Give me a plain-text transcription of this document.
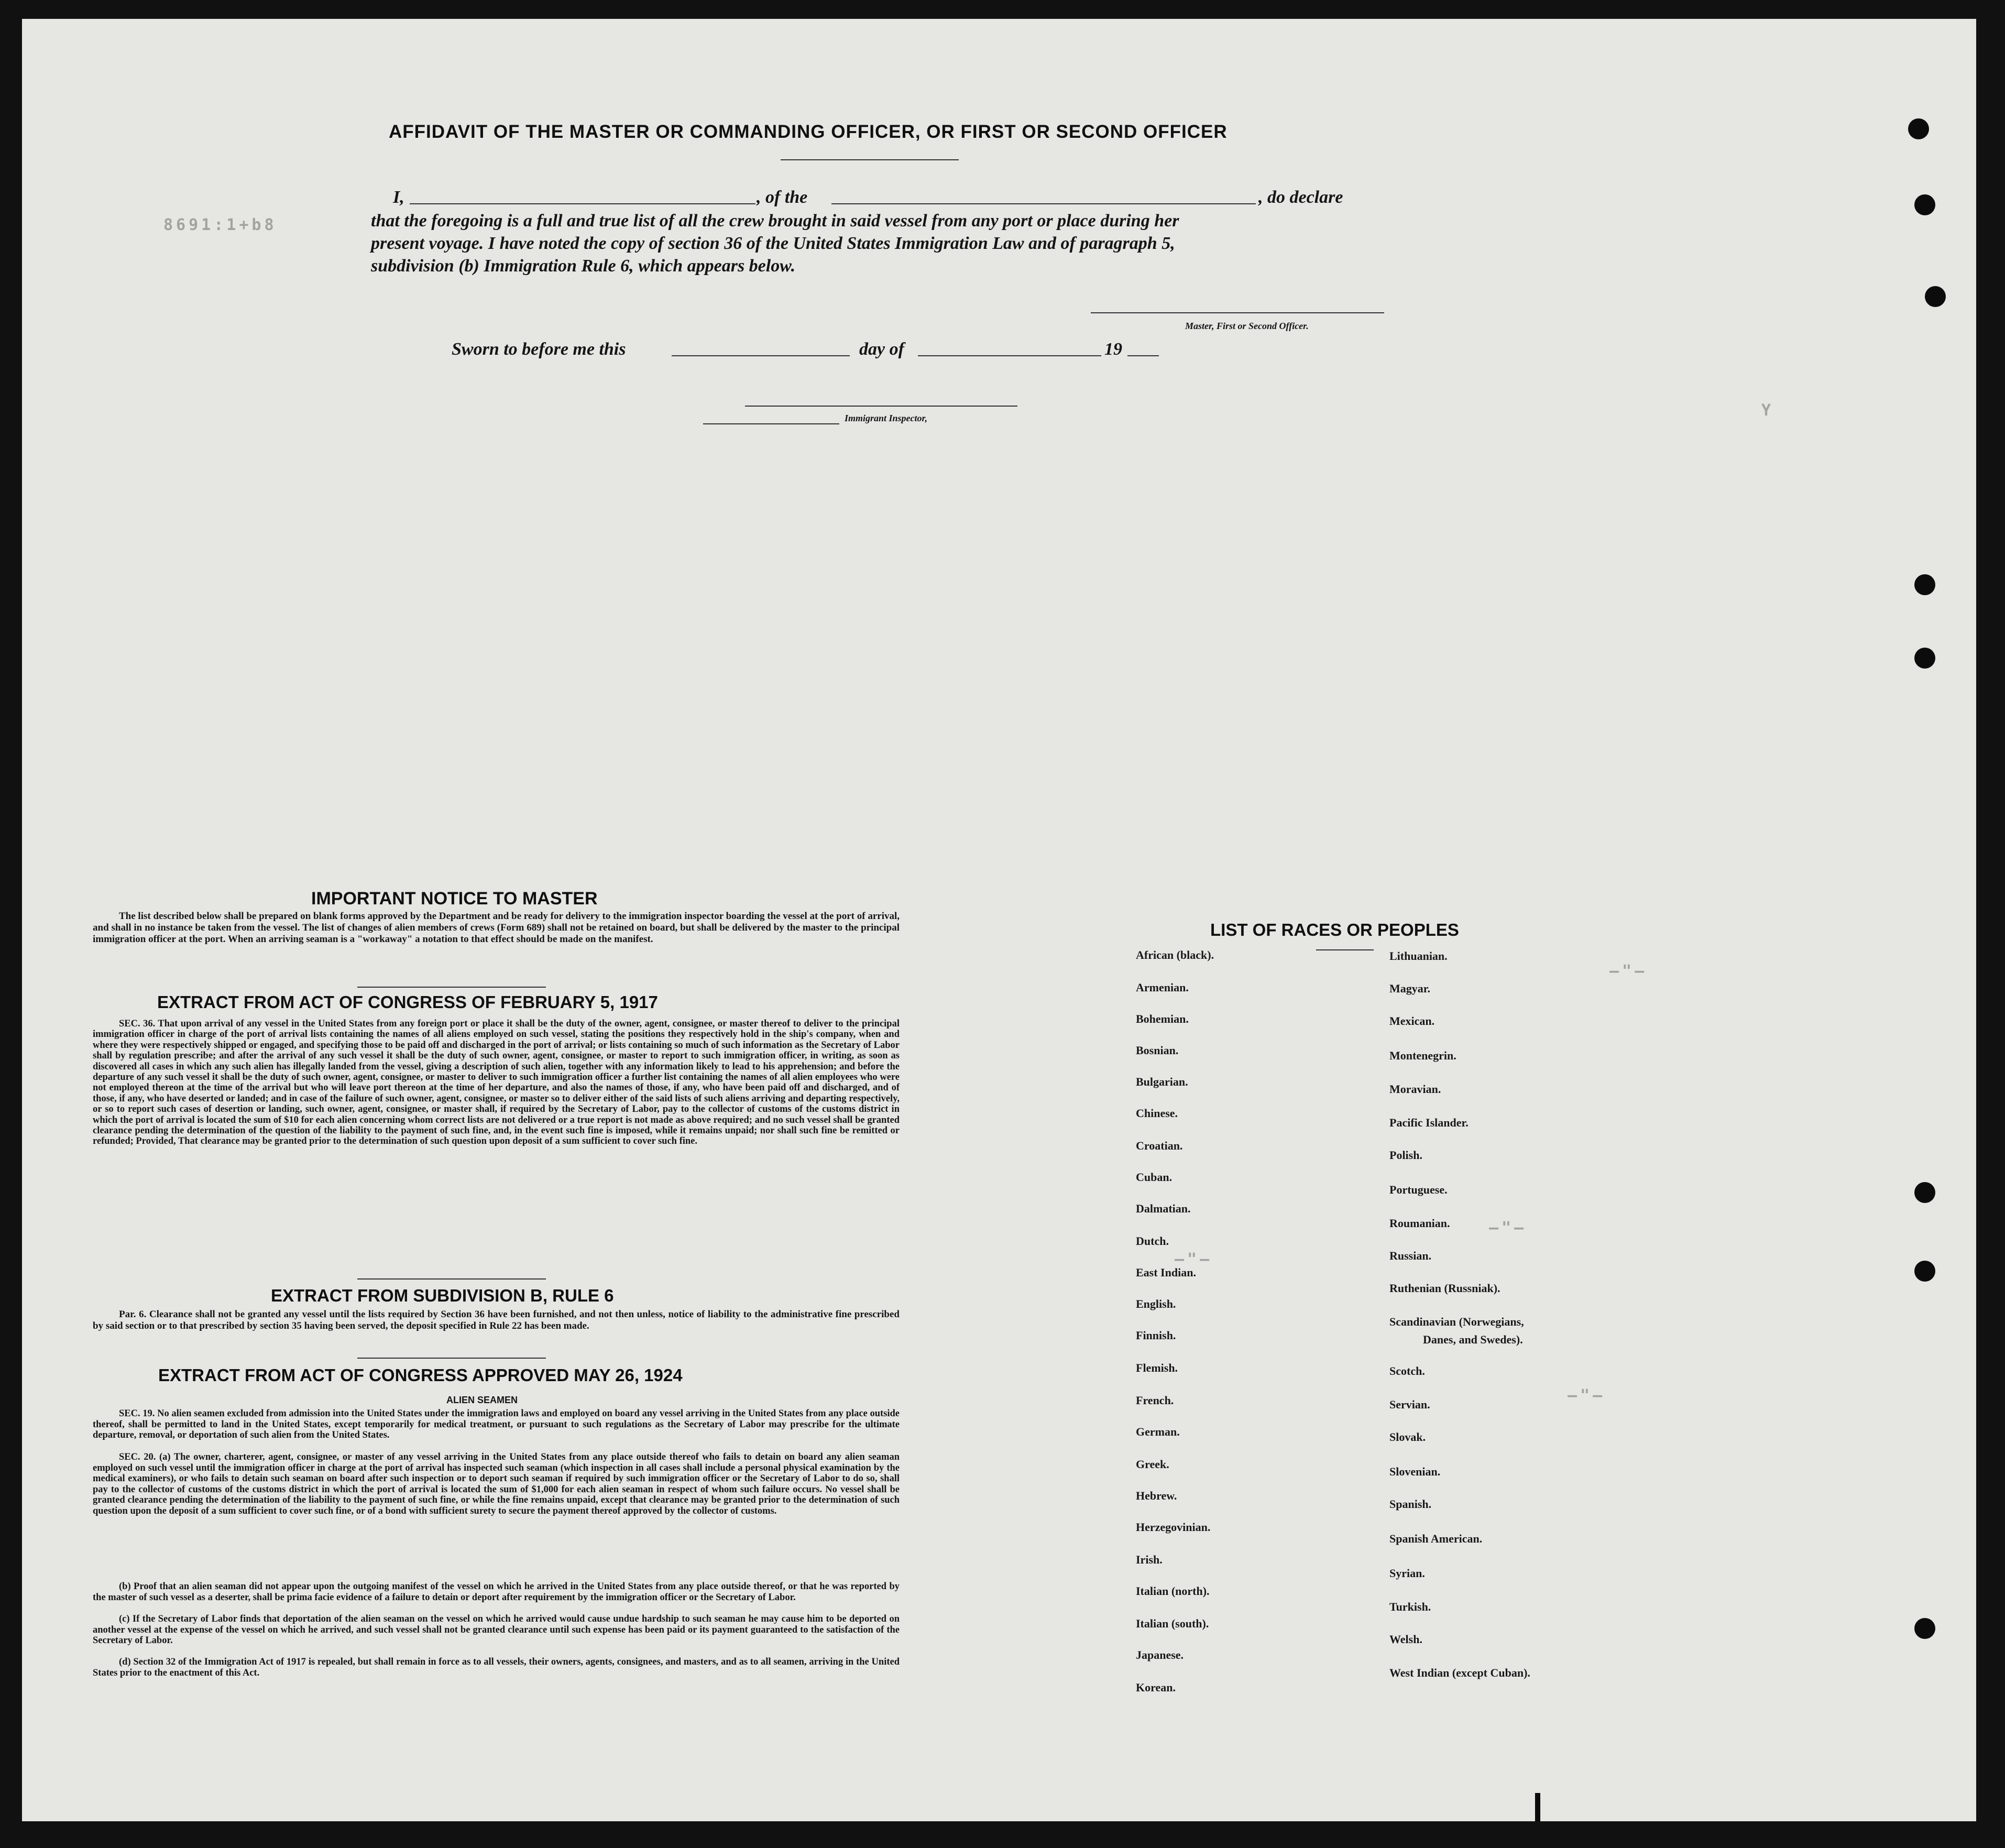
8691:1+b8
Y
—"—
—"—
—"—
—"—
AFFIDAVIT OF THE MASTER OR COMMANDING OFFICER, OR FIRST OR SECOND OFFICER
I,	, of the	, do declare
that the foregoing is a full and true list of all the crew brought in said vessel from any port or place during her
present voyage. I have noted the copy of section 36 of the United States Immigration Law and of paragraph 5,
subdivision (b) Immigration Rule 6, which appears below.
Master, First or Second Officer.
Sworn to before me this	day of	19
Immigrant Inspector,
IMPORTANT NOTICE TO MASTER
The list described below shall be prepared on blank forms approved by the Department and be ready for delivery to the immigration inspector boarding the vessel at the port of arrival, and shall in no instance be taken from the vessel. The list of changes of alien members of crews (Form 689) shall not be retained on board, but shall be delivered by the master to the principal immigration officer at the port. When an arriving seaman is a "workaway" a notation to that effect should be made on the manifest.
EXTRACT FROM ACT OF CONGRESS OF FEBRUARY 5, 1917
SEC. 36. That upon arrival of any vessel in the United States from any foreign port or place it shall be the duty of the owner, agent, consignee, or master thereof to deliver to the principal immigration officer in charge of the port of arrival lists containing the names of all aliens employed on such vessel, stating the positions they respectively hold in the ship's company, when and where they were respectively shipped or engaged, and specifying those to be paid off and discharged in the port of arrival; or lists containing so much of such information as the Secretary of Labor shall by regulation prescribe; and after the arrival of any such vessel it shall be the duty of such owner, agent, consignee, or master to report to such immigration officer, in writing, as soon as discovered all cases in which any such alien has illegally landed from the vessel, giving a description of such alien, together with any information likely to lead to his apprehension; and before the departure of any such vessel it shall be the duty of such owner, agent, consignee, or master to deliver to such immigration officer a further list containing the names of all alien employees who were not employed thereon at the time of the arrival but who will leave port thereon at the time of her departure, and also the names of those, if any, who have been paid off and discharged, and of those, if any, who have deserted or landed; and in case of the failure of such owner, agent, consignee, or master so to deliver either of the said lists of such aliens arriving and departing respectively, or so to report such cases of desertion or landing, such owner, agent, consignee, or master shall, if required by the Secretary of Labor, pay to the collector of customs of the customs district in which the port of arrival is located the sum of $10 for each alien concerning whom correct lists are not delivered or a true report is not made as above required; and no such vessel shall be granted clearance pending the determination of the question of the liability to the payment of such fine, and, in the event such fine is imposed, while it remains unpaid; nor shall such fine be remitted or refunded; Provided, That clearance may be granted prior to the determination of such question upon deposit of a sum sufficient to cover such fine.
EXTRACT FROM SUBDIVISION B, RULE 6
Par. 6. Clearance shall not be granted any vessel until the lists required by Section 36 have been furnished, and not then unless, notice of liability to the administrative fine prescribed by said section or to that prescribed by section 35 having been served, the deposit specified in Rule 22 has been made.
EXTRACT FROM ACT OF CONGRESS APPROVED MAY 26, 1924
ALIEN SEAMEN
SEC. 19. No alien seamen excluded from admission into the United States under the immigration laws and employed on board any vessel arriving in the United States from any place outside thereof, shall be permitted to land in the United States, except temporarily for medical treatment, or pursuant to such regulations as the Secretary of Labor may prescribe for the ultimate departure, removal, or deportation of such alien from the United States.
SEC. 20. (a) The owner, charterer, agent, consignee, or master of any vessel arriving in the United States from any place outside thereof who fails to detain on board any alien seaman employed on such vessel until the immigration officer in charge at the port of arrival has inspected such seaman (which inspection in all cases shall include a personal physical examination by the medical examiners), or who fails to detain such seaman on board after such inspection or to deport such seaman if required by such immigration officer or the Secretary of Labor to do so, shall pay to the collector of customs of the customs district in which the port of arrival is located the sum of $1,000 for each alien seaman in respect of whom such failure occurs. No vessel shall be granted clearance pending the determination of the liability to the payment of such fine, or while the fine remains unpaid, except that clearance may be granted prior to the determination of such question upon the deposit of a sum sufficient to cover such fine, or of a bond with sufficient surety to secure the payment thereof approved by the collector of customs.
(b) Proof that an alien seaman did not appear upon the outgoing manifest of the vessel on which he arrived in the United States from any place outside thereof, or that he was reported by the master of such vessel as a deserter, shall be prima facie evidence of a failure to detain or deport after requirement by the immigration officer or the Secretary of Labor.
(c) If the Secretary of Labor finds that deportation of the alien seaman on the vessel on which he arrived would cause undue hardship to such seaman he may cause him to be deported on another vessel at the expense of the vessel on which he arrived, and such vessel shall not be granted clearance until such expense has been paid or its payment guaranteed to the satisfaction of the Secretary of Labor.
(d) Section 32 of the Immigration Act of 1917 is repealed, but shall remain in force as to all vessels, their owners, agents, consignees, and masters, and as to all seamen, arriving in the United States prior to the enactment of this Act.
LIST OF RACES OR PEOPLES
Danes, and Swedes).
African (black).
Armenian.
Bohemian.
Bosnian.
Bulgarian.
Chinese.
Croatian.
Cuban.
Dalmatian.
Dutch.
East Indian.
English.
Finnish.
Flemish.
French.
German.
Greek.
Hebrew.
Herzegovinian.
Irish.
Italian (north).
Italian (south).
Japanese.
Korean.
Lithuanian.
Magyar.
Mexican.
Montenegrin.
Moravian.
Pacific Islander.
Polish.
Portuguese.
Roumanian.
Russian.
Ruthenian (Russniak).
Scandinavian (Norwegians,
Scotch.
Servian.
Slovak.
Slovenian.
Spanish.
Spanish American.
Syrian.
Turkish.
Welsh.
West Indian (except Cuban).
